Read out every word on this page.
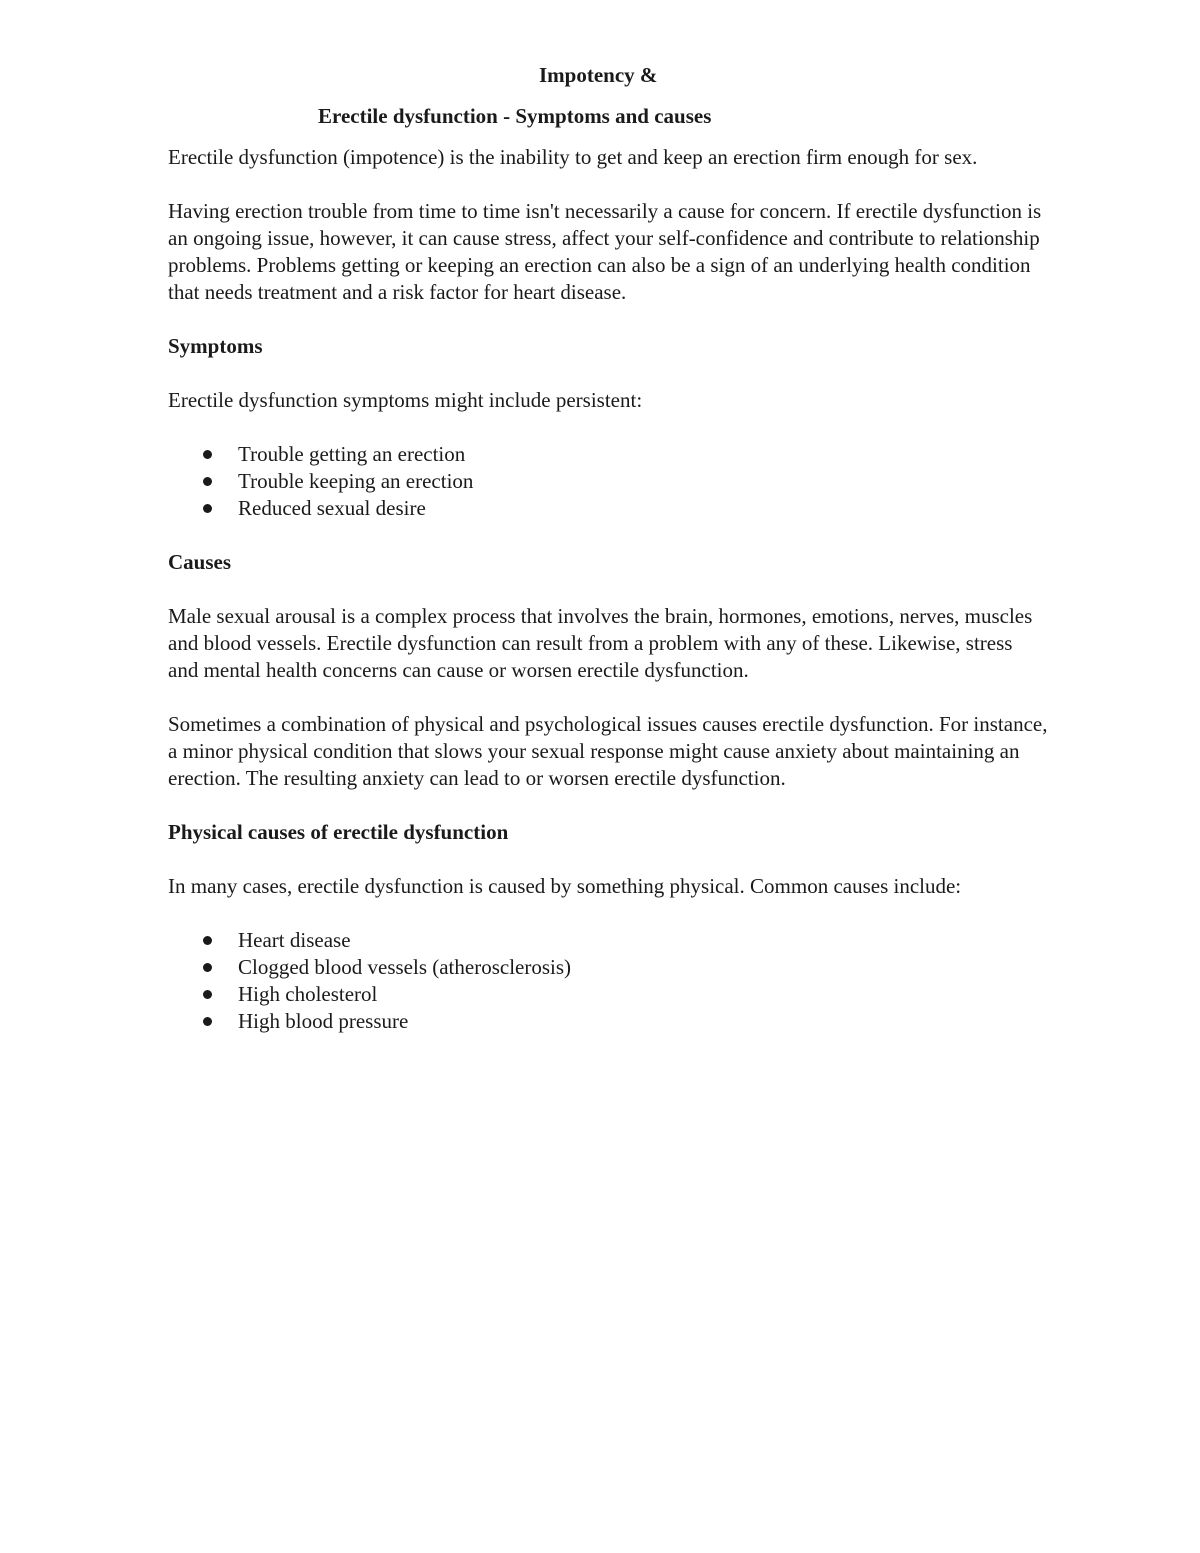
Impotency &
Erectile dysfunction - Symptoms and causes

Erectile dysfunction (impotence) is the inability to get and keep an erection firm enough for sex.

Having erection trouble from time to time isn't necessarily a cause for concern. If erectile dysfunction is an ongoing issue, however, it can cause stress, affect your self-confidence and contribute to relationship problems. Problems getting or keeping an erection can also be a sign of an underlying health condition that needs treatment and a risk factor for heart disease.

Symptoms

Erectile dysfunction symptoms might include persistent:

Trouble getting an erection
Trouble keeping an erection
Reduced sexual desire
Causes

Male sexual arousal is a complex process that involves the brain, hormones, emotions, nerves, muscles and blood vessels. Erectile dysfunction can result from a problem with any of these. Likewise, stress and mental health concerns can cause or worsen erectile dysfunction.

Sometimes a combination of physical and psychological issues causes erectile dysfunction. For instance, a minor physical condition that slows your sexual response might cause anxiety about maintaining an erection. The resulting anxiety can lead to or worsen erectile dysfunction.

Physical causes of erectile dysfunction

In many cases, erectile dysfunction is caused by something physical. Common causes include:

Heart disease
Clogged blood vessels (atherosclerosis)
High cholesterol
High blood pressure
